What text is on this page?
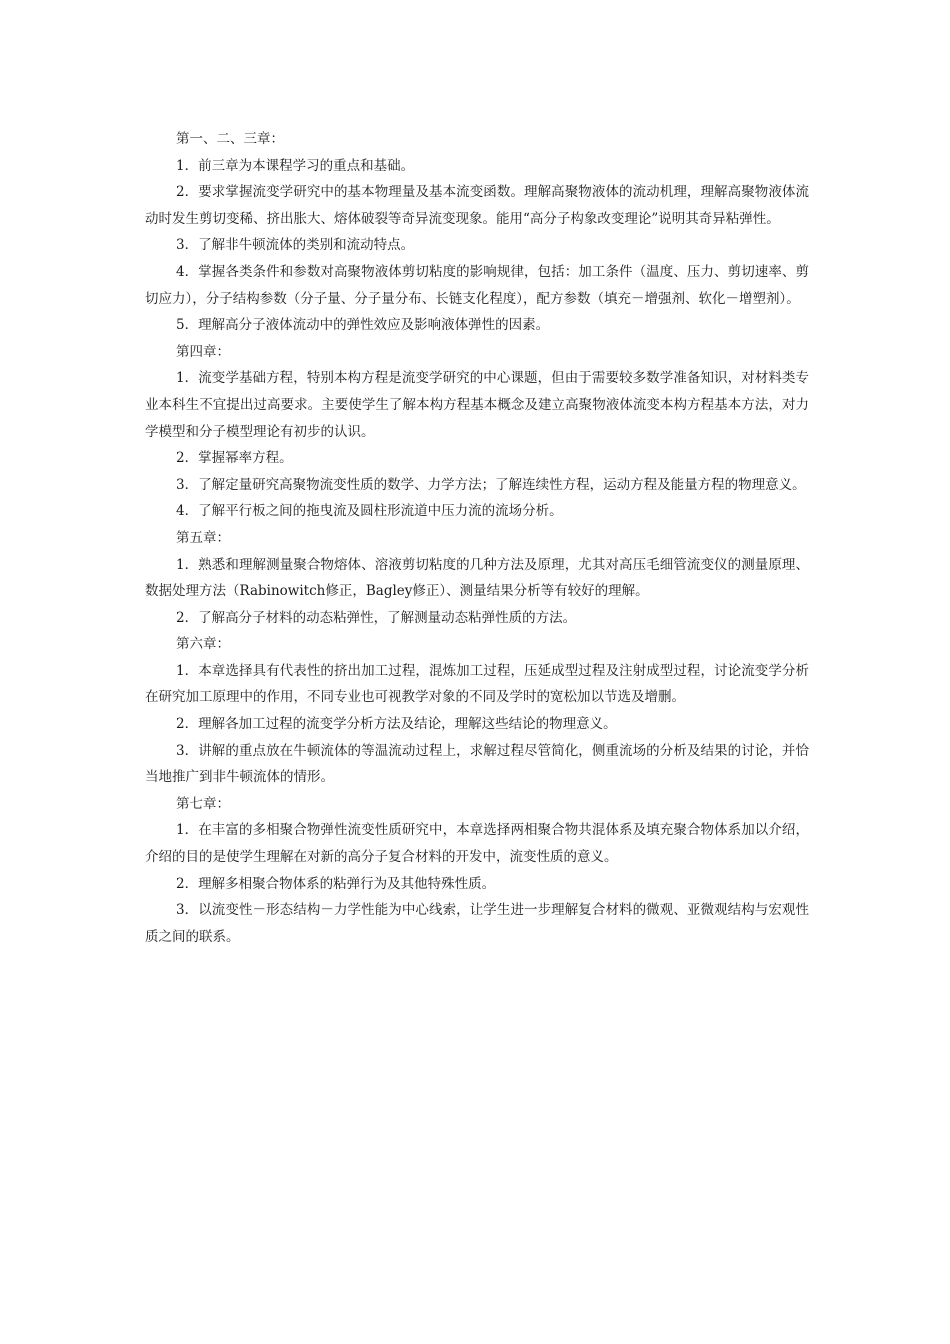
第一、二、三章：

1．前三章为本课程学习的重点和基础。

2．要求掌握流变学研究中的基本物理量及基本流变函数。理解高聚物液体的流动机理，理解高聚物液体流动时发生剪切变稀、挤出胀大、熔体破裂等奇异流变现象。能用“高分子构象改变理论”说明其奇异粘弹性。

3．了解非牛顿流体的类别和流动特点。

4．掌握各类条件和参数对高聚物液体剪切粘度的影响规律，包括：加工条件（温度、压力、剪切速率、剪切应力），分子结构参数（分子量、分子量分布、长链支化程度），配方参数（填充－增强剂、软化－增塑剂）。

5．理解高分子液体流动中的弹性效应及影响液体弹性的因素。

第四章：

1．流变学基础方程，特别本构方程是流变学研究的中心课题，但由于需要较多数学准备知识，对材料类专业本科生不宜提出过高要求。主要使学生了解本构方程基本概念及建立高聚物液体流变本构方程基本方法，对力学模型和分子模型理论有初步的认识。

2．掌握幂率方程。

3．了解定量研究高聚物流变性质的数学、力学方法；了解连续性方程，运动方程及能量方程的物理意义。

4．了解平行板之间的拖曳流及圆柱形流道中压力流的流场分析。

第五章：

1．熟悉和理解测量聚合物熔体、溶液剪切粘度的几种方法及原理，尤其对高压毛细管流变仪的测量原理、数据处理方法（Rabinowitch修正，Bagley修正）、测量结果分析等有较好的理解。

2．了解高分子材料的动态粘弹性，了解测量动态粘弹性质的方法。

第六章：

1．本章选择具有代表性的挤出加工过程，混炼加工过程，压延成型过程及注射成型过程，讨论流变学分析在研究加工原理中的作用，不同专业也可视教学对象的不同及学时的宽松加以节选及增删。

2．理解各加工过程的流变学分析方法及结论，理解这些结论的物理意义。

3．讲解的重点放在牛顿流体的等温流动过程上，求解过程尽管简化，侧重流场的分析及结果的讨论，并恰当地推广到非牛顿流体的情形。

第七章：

1．在丰富的多相聚合物弹性流变性质研究中，本章选择两相聚合物共混体系及填充聚合物体系加以介绍，介绍的目的是使学生理解在对新的高分子复合材料的开发中，流变性质的意义。

2．理解多相聚合物体系的粘弹行为及其他特殊性质。

3．以流变性－形态结构－力学性能为中心线索，让学生进一步理解复合材料的微观、亚微观结构与宏观性质之间的联系。
